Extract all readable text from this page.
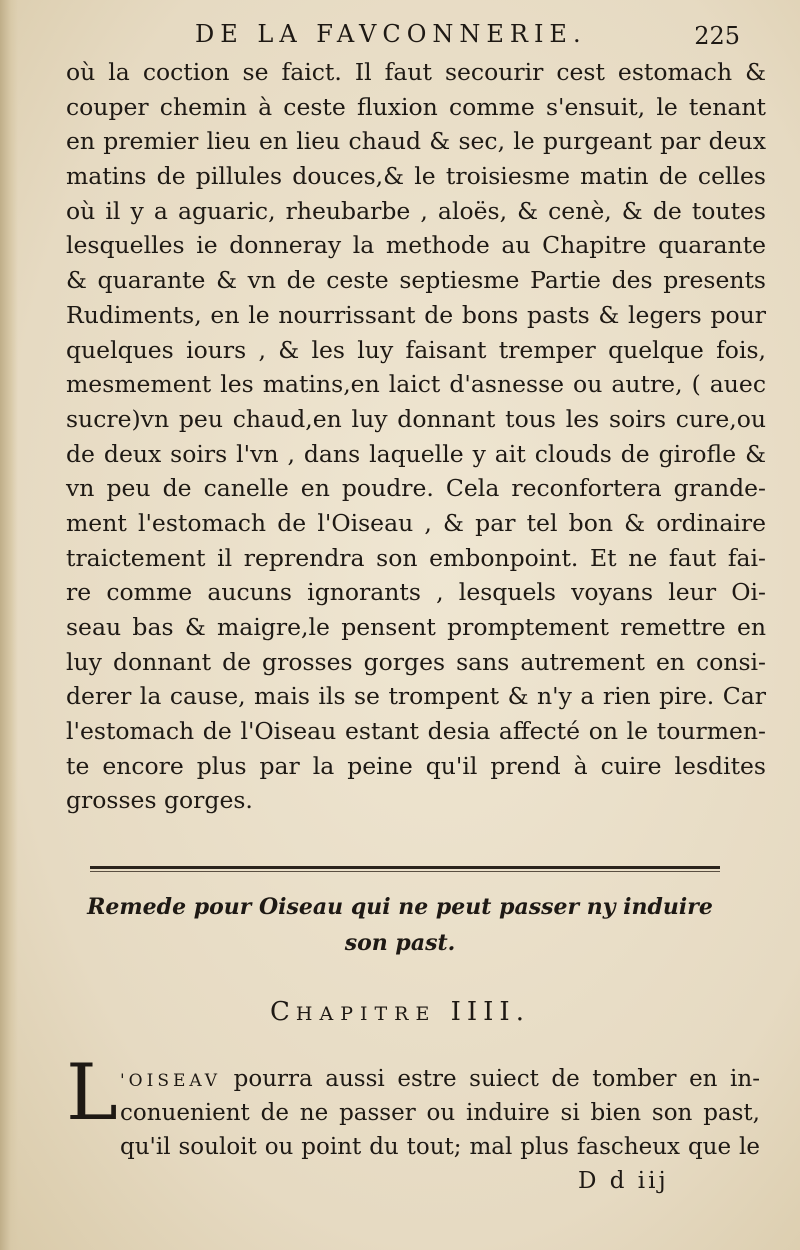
DE LA FAVCONNERIE.	225
où la coction se faict. Il faut secourir cest estomach &
couper chemin à ceste fluxion comme s'ensuit, le tenant
en premier lieu en lieu chaud & sec, le purgeant par deux
matins de pillules douces,& le troisiesme matin de celles
où il y a aguaric, rheubarbe , aloës, & cenè, & de toutes
lesquelles ie donneray la methode au Chapitre quarante
& quarante & vn de ceste septiesme Partie des presents
Rudiments, en le nourrissant de bons pasts & legers pour
quelques iours , & les luy faisant tremper quelque fois,
mesmement les matins,en laict d'asnesse ou autre, ( auec
sucre)vn peu chaud,en luy donnant tous les soirs cure,ou
de deux soirs l'vn , dans laquelle y ait clouds de girofle &
vn peu de canelle en poudre. Cela reconfortera grande-
ment l'estomach de l'Oiseau , & par tel bon & ordinaire
traictement il reprendra son embonpoint. Et ne faut fai-
re comme aucuns ignorants , lesquels voyans leur Oi-
seau bas & maigre,le pensent promptement remettre en
luy donnant de grosses gorges sans autrement en consi-
derer la cause, mais ils se trompent & n'y a rien pire. Car
l'estomach de l'Oiseau estant desia affecté on le tourmen-
te encore plus par la peine qu'il prend à cuire lesdites
grosses gorges.
Remede pour Oiseau qui ne peut passer ny induire
son past.
CHAPITRE IIII.
L 'OISEAV pourra aussi estre suiect de tomber en in-
conuenient de ne passer ou induire si bien son past,
qu'il souloit ou point du tout; mal plus fascheux que le
D d iij
